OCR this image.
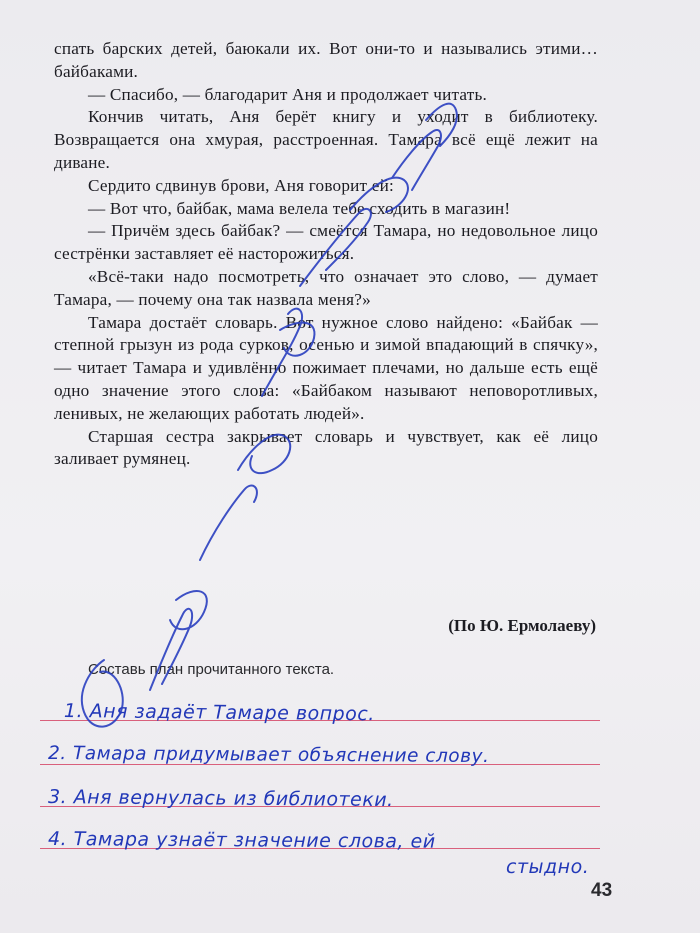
спать барских детей, баюкали их. Вот они-то и назывались этими… байбаками.

— Спасибо, — благодарит Аня и продолжает читать.

Кончив читать, Аня берёт книгу и уходит в библиотеку. Возвращается она хмурая, расстроенная. Тамара всё ещё лежит на диване.

Сердито сдвинув брови, Аня говорит ей:

— Вот что, байбак, мама велела тебе сходить в магазин!

— Причём здесь байбак? — смеётся Тамара, но недовольное лицо сестрёнки заставляет её насторожиться.

«Всё-таки надо посмотреть, что означает это слово, — думает Тамара, — почему она так назвала меня?»

Тамара достаёт словарь. Вот нужное слово найдено: «Байбак — степной грызун из рода сурков, осенью и зимой впадающий в спячку», — читает Тамара и удивлённо пожимает плечами, но дальше есть ещё одно значение этого слова: «Байбаком называют неповоротливых, ленивых, не желающих работать людей».

Старшая сестра закрывает словарь и чувствует, как её лицо заливает румянец.

(По Ю. Ермолаеву)
Составь план прочитанного текста.
1. Аня задаёт Тамаре вопрос.
2. Тамара придумывает объяснение слову.
3. Аня вернулась из библиотеки.
4. Тамара узнаёт значение слова, ей
стыдно.
43
